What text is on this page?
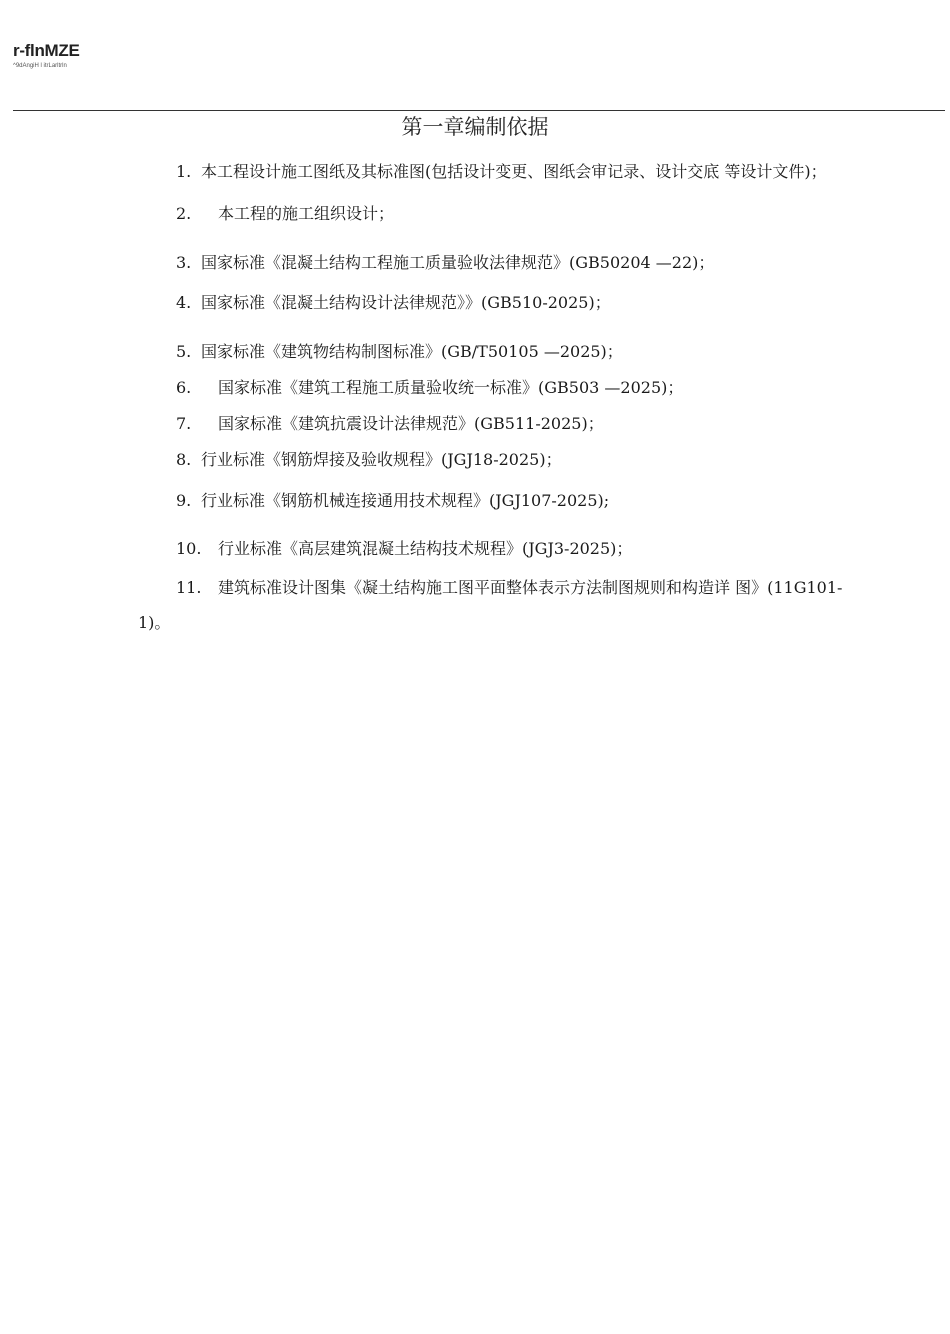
r-flnMZE
^9dAngiH l itrLarltrln
第一章编制依据
1. 本工程设计施工图纸及其标准图(包括设计变更、图纸会审记录、设计交底 等设计文件)；
2. 本工程的施工组织设计；
3. 国家标准《混凝土结构工程施工质量验收法律规范》(GB50204 —22)；
4. 国家标准《混凝土结构设计法律规范》》(GB510-2025)；
5. 国家标准《建筑物结构制图标准》(GB/T50105 —2025)；
6. 国家标准《建筑工程施工质量验收统一标准》(GB503 —2025)；
7. 国家标准《建筑抗震设计法律规范》(GB511-2025)；
8. 行业标准《钢筋焊接及验收规程》(JGJ18-2025)；
9. 行业标准《钢筋机械连接通用技术规程》(JGJ107-2025);
10. 行业标准《高层建筑混凝土结构技术规程》(JGJ3-2025)；
11. 建筑标准设计图集《凝土结构施工图平面整体表示方法制图规则和构造详 图》(11G101-
1)。
